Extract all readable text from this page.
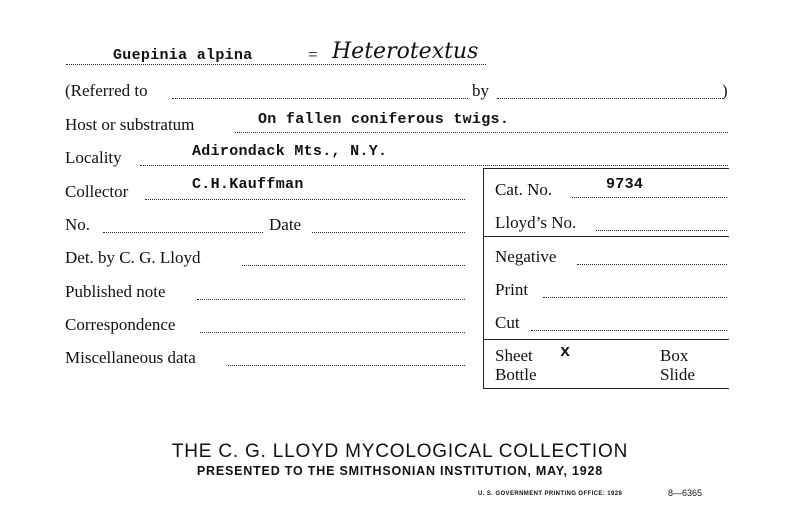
Guepinia alpina	= Heterotextus
(Referred to	by	)
Host or substratum	On fallen coniferous twigs.
Locality	Adirondack Mts., N.Y.
Collector	C.H.Kauffman
No.	Date
Det. by C. G. Lloyd
Published note
Correspondence
Miscellaneous data
Cat. No.	9734
Lloyd’s No.
Negative
Print
Cut
Sheet x	Box
Bottle	Slide
THE C. G. LLOYD MYCOLOGICAL COLLECTION
PRESENTED TO THE SMITHSONIAN INSTITUTION, MAY, 1928
U. S. GOVERNMENT PRINTING OFFICE: 1928	8—6365
